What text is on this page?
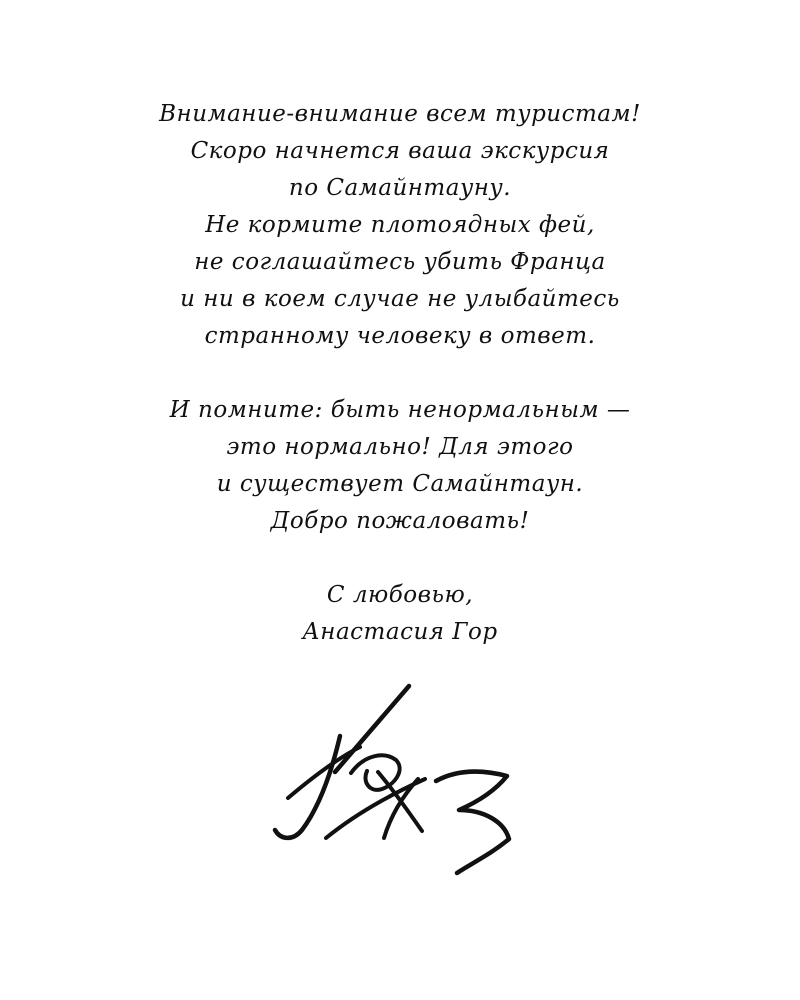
Внимание-внимание всем туристам!
Скоро начнется ваша экскурсия
по Самайнтауну.
Не кормите плотоядных фей,
не соглашайтесь убить Франца
и ни в коем случае не улыбайтесь
странному человеку в ответ.

И помните: быть ненормальным —
это нормально! Для этого
и существует Самайнтаун.
Добро пожаловать!

С любовью,
Анастасия Гор
